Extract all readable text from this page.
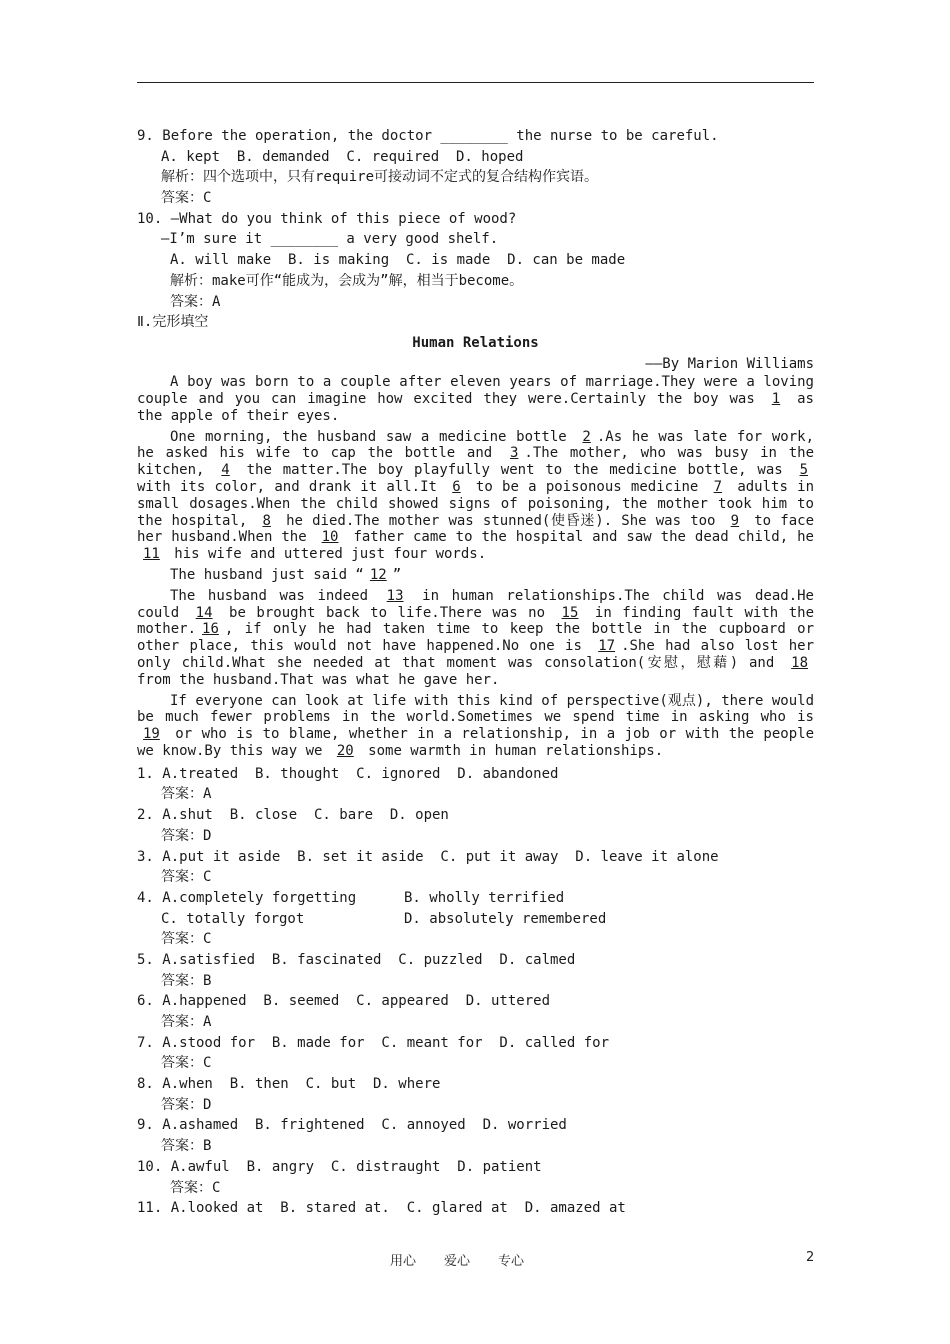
9. Before the operation, the doctor ________ the nurse to be careful.
A. kept  B. demanded  C. required  D. hoped
解析：四个选项中，只有require可接动词不定式的复合结构作宾语。
答案：C
10. —What do you think of this piece of wood?
—I’m sure it ________ a very good shelf.
A. will make  B. is making  C. is made  D. can be made
解析：make可作“能成为，会成为”解，相当于become。
答案：A
Ⅱ.完形填空
Human Relations
——By Marion Williams

A boy was born to a couple after eleven years of marriage.They were a loving couple and you can imagine how excited they were.Certainly the boy was 1 as the apple of their eyes.

One morning, the husband saw a medicine bottle 2 .As he was late for work, he asked his wife to cap the bottle and 3 .The mother, who was busy in the kitchen, 4 the matter.The boy playfully went to the medicine bottle, was 5 with its color, and drank it all.It 6 to be a poisonous medicine 7 adults in small dosages.When the child showed signs of poisoning, the mother took him to the hospital, 8 he died.The mother was stunned(使昏迷). She was too 9 to face her husband.When the 10 father came to the hospital and saw the dead child, he 11 his wife and uttered just four words.

The husband just said “ 12 ”

The husband was indeed 13 in human relationships.The child was dead.He could 14 be brought back to life.There was no 15 in finding fault with the mother. 16 , if only he had taken time to keep the bottle in the cupboard or other place, this would not have happened.No one is 17 .She had also lost her only child.What she needed at that moment was consolation(安慰，慰藉) and 18 from the husband.That was what he gave her.

If everyone can look at life with this kind of perspective(观点), there would be much fewer problems in the world.Sometimes we spend time in asking who is 19 or who is to blame, whether in a relationship, in a job or with the people we know.By this way we 20 some warmth in human relationships.

1. A.treated  B. thought  C. ignored  D. abandoned
答案：A
2. A.shut  B. close  C. bare  D. open
答案：D
3. A.put it aside  B. set it aside  C. put it away  D. leave it alone
答案：C
4. A.completely forgetting	B. wholly terrified
C. totally forgot	D. absolutely remembered
答案：C
5. A.satisfied  B. fascinated  C. puzzled  D. calmed
答案：B
6. A.happened  B. seemed  C. appeared  D. uttered
答案：A
7. A.stood for  B. made for  C. meant for  D. called for
答案：C
8. A.when  B. then  C. but  D. where
答案：D
9. A.ashamed  B. frightened  C. annoyed  D. worried
答案：B
10. A.awful  B. angry  C. distraught  D. patient
答案：C
11. A.looked at  B. stared at.  C. glared at  D. amazed at
用心 爱心 专心	2
